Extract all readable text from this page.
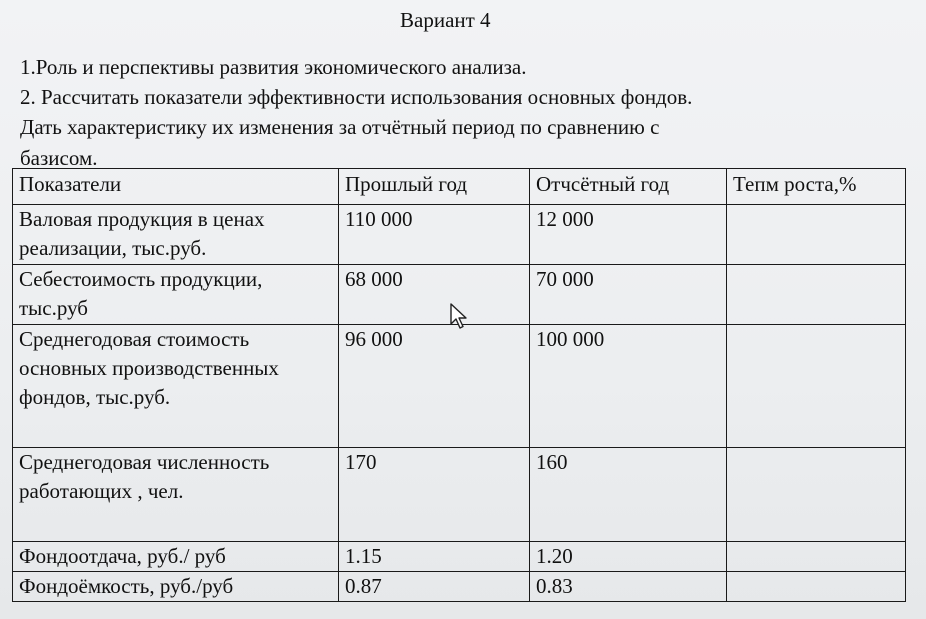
Вариант 4
1.Роль и перспективы развития экономического анализа.
2. Рассчитать показатели эффективности использования основных фондов.
Дать характеристику их изменения за отчётный период по сравнению с
базисом.
Показатели	Прошлый год	Отчсётный год	Тепм роста,%
Валовая продукция в ценах реализации, тыс.руб.	110 000	12 000	
Себестоимость продукции, тыс.руб	68 000	70 000	
Среднегодовая стоимость основных производственных фондов, тыс.руб.	96 000	100 000	
Среднегодовая численность работающих , чел.	170	160	
Фондоотдача, руб./ руб	1.15	1.20	
Фондоёмкость, руб./руб	0.87	0.83	
